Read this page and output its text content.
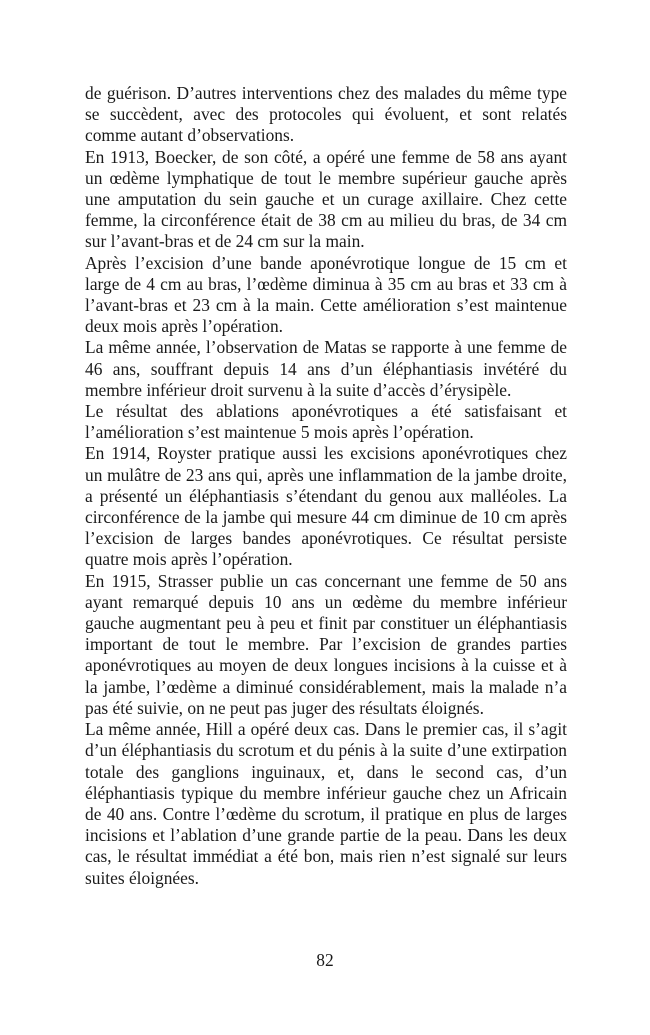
de guérison. D’autres interventions chez des malades du même type se succèdent, avec des protocoles qui évoluent, et sont relatés comme autant d’observations.

En 1913, Boecker, de son côté, a opéré une femme de 58 ans ayant un œdème lymphatique de tout le membre supérieur gauche après une amputation du sein gauche et un curage axillaire. Chez cette femme, la circonférence était de 38 cm au milieu du bras, de 34 cm sur l’avant-bras et de 24 cm sur la main.

Après l’excision d’une bande aponévrotique longue de 15 cm et large de 4 cm au bras, l’œdème diminua à 35 cm au bras et 33 cm à l’avant-bras et 23 cm à la main. Cette amélioration s’est maintenue deux mois après l’opération.

La même année, l’observation de Matas se rapporte à une femme de 46 ans, souffrant depuis 14 ans d’un éléphantiasis invétéré du membre inférieur droit survenu à la suite d’accès d’érysipèle.

Le résultat des ablations aponévrotiques a été satisfaisant et l’amélioration s’est maintenue 5 mois après l’opération.

En 1914, Royster pratique aussi les excisions aponévrotiques chez un mulâtre de 23 ans qui, après une inflammation de la jambe droite, a présenté un éléphantiasis s’étendant du genou aux malléoles. La circonférence de la jambe qui mesure 44 cm diminue de 10 cm après l’excision de larges bandes aponévrotiques. Ce résultat persiste quatre mois après l’opération.

En 1915, Strasser publie un cas concernant une femme de 50 ans ayant remarqué depuis 10 ans un œdème du membre inférieur gauche augmentant peu à peu et finit par constituer un éléphantiasis important de tout le membre. Par l’excision de grandes parties aponévrotiques au moyen de deux longues incisions à la cuisse et à la jambe, l’œdème a diminué considérablement, mais la malade n’a pas été suivie, on ne peut pas juger des résultats éloignés.

La même année, Hill a opéré deux cas. Dans le premier cas, il s’agit d’un éléphantiasis du scrotum et du pénis à la suite d’une extirpation totale des ganglions inguinaux, et, dans le second cas, d’un éléphantiasis typique du membre inférieur gauche chez un Africain de 40 ans. Contre l’œdème du scrotum, il pratique en plus de larges incisions et l’ablation d’une grande partie de la peau. Dans les deux cas, le résultat immédiat a été bon, mais rien n’est signalé sur leurs suites éloignées.

82
